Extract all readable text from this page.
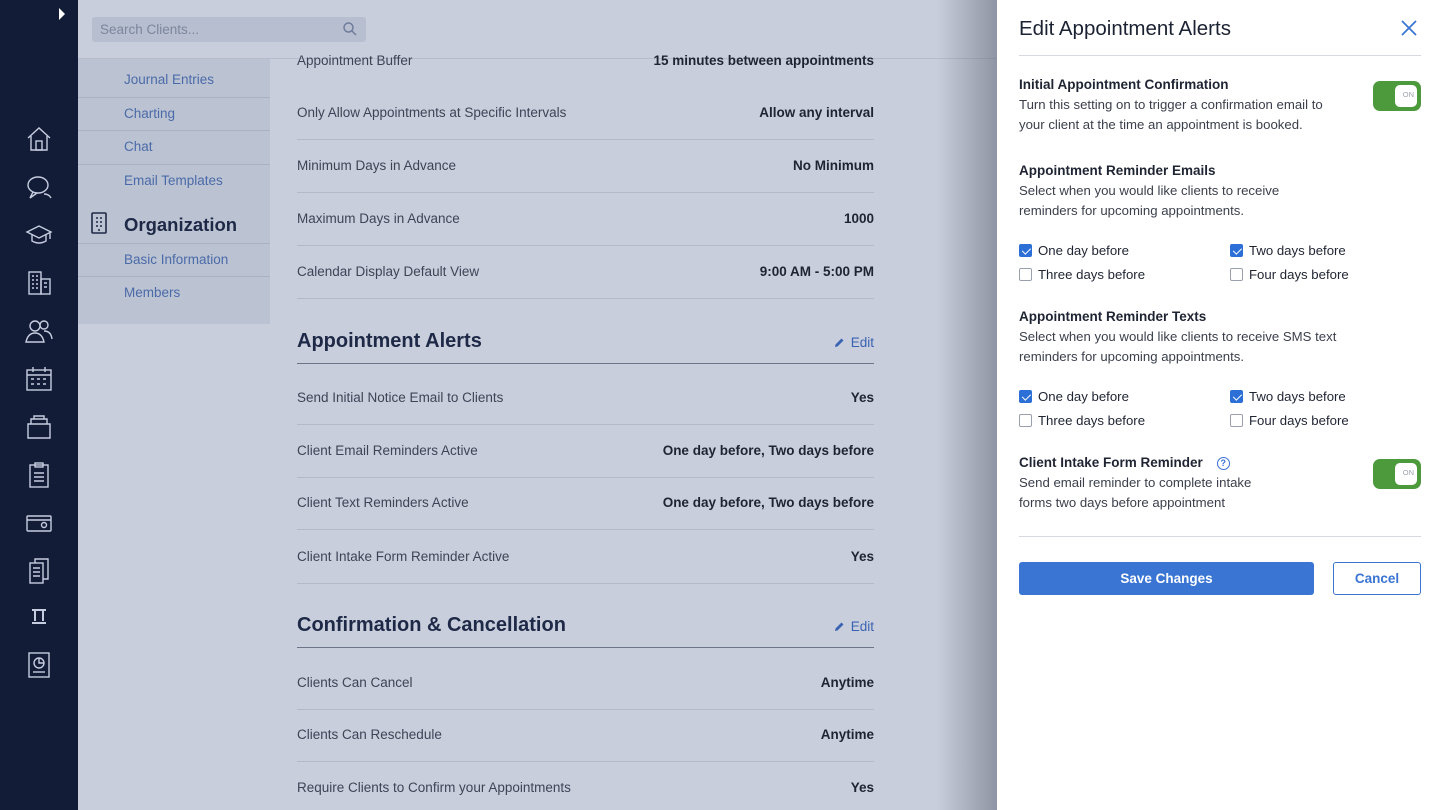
Search Clients...
Journal Entries
Charting
Chat
Email Templates
Organization
Basic Information
Members
Appointment Buffer	15 minutes between appointments
Only Allow Appointments at Specific Intervals	Allow any interval
Minimum Days in Advance	No Minimum
Maximum Days in Advance	1000
Calendar Display Default View	9:00 AM - 5:00 PM
Appointment Alerts	Edit
Send Initial Notice Email to Clients	Yes
Client Email Reminders Active	One day before, Two days before
Client Text Reminders Active	One day before, Two days before
Client Intake Form Reminder Active	Yes
Confirmation & Cancellation	Edit
Clients Can Cancel	Anytime
Clients Can Reschedule	Anytime
Require Clients to Confirm your Appointments	Yes
Edit Appointment Alerts
Initial Appointment Confirmation
Turn this setting on to trigger a confirmation email to your client at the time an appointment is booked.
ON
Appointment Reminder Emails
Select when you would like clients to receive reminders for upcoming appointments.
One day before	Two days before
Three days before	Four days before
Appointment Reminder Texts
Select when you would like clients to receive SMS text reminders for upcoming appointments.
One day before	Two days before
Three days before	Four days before
Client Intake Form Reminder ?
Send email reminder to complete intake forms two days before appointment
ON
Save Changes	Cancel
